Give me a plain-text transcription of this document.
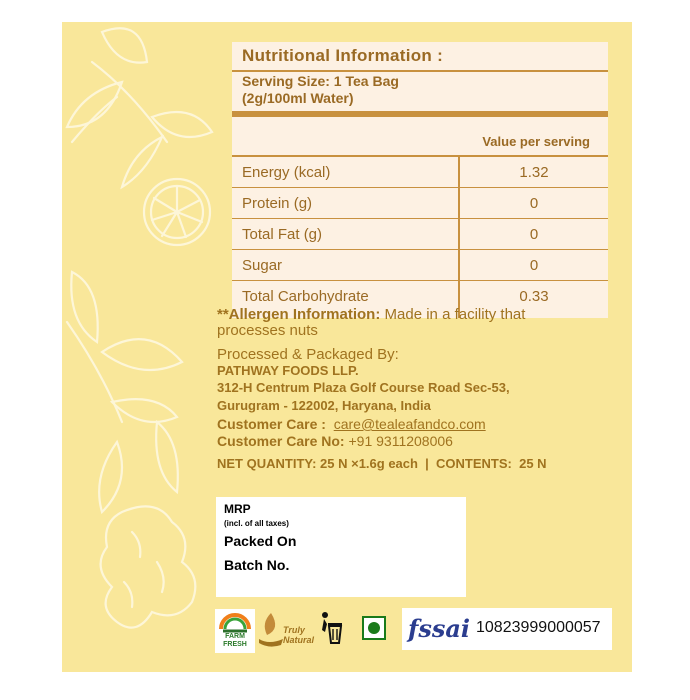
Nutritional Information :
Serving Size: 1 Tea Bag
(2g/100ml Water)
Value per serving
Energy (kcal)	1.32
Protein (g)	0
Total Fat (g)	0
Sugar	0
Total Carbohydrate	0.33
**Allergen Information: Made in a facility that
processes nuts
Processed & Packaged By:
PATHWAY FOODS LLP.
312-H Centrum Plaza Golf Course Road Sec-53,
Gurugram - 122002, Haryana, India
Customer Care : care@tealeafandco.com
Customer Care No: +91 9311208006
NET QUANTITY: 25 N ×1.6g each  |  CONTENTS:  25 N
MRP
(incl. of all taxes)
Packed On
Batch No.
FARM
FRESH
Truly
Natural	fssai 10823999000057
